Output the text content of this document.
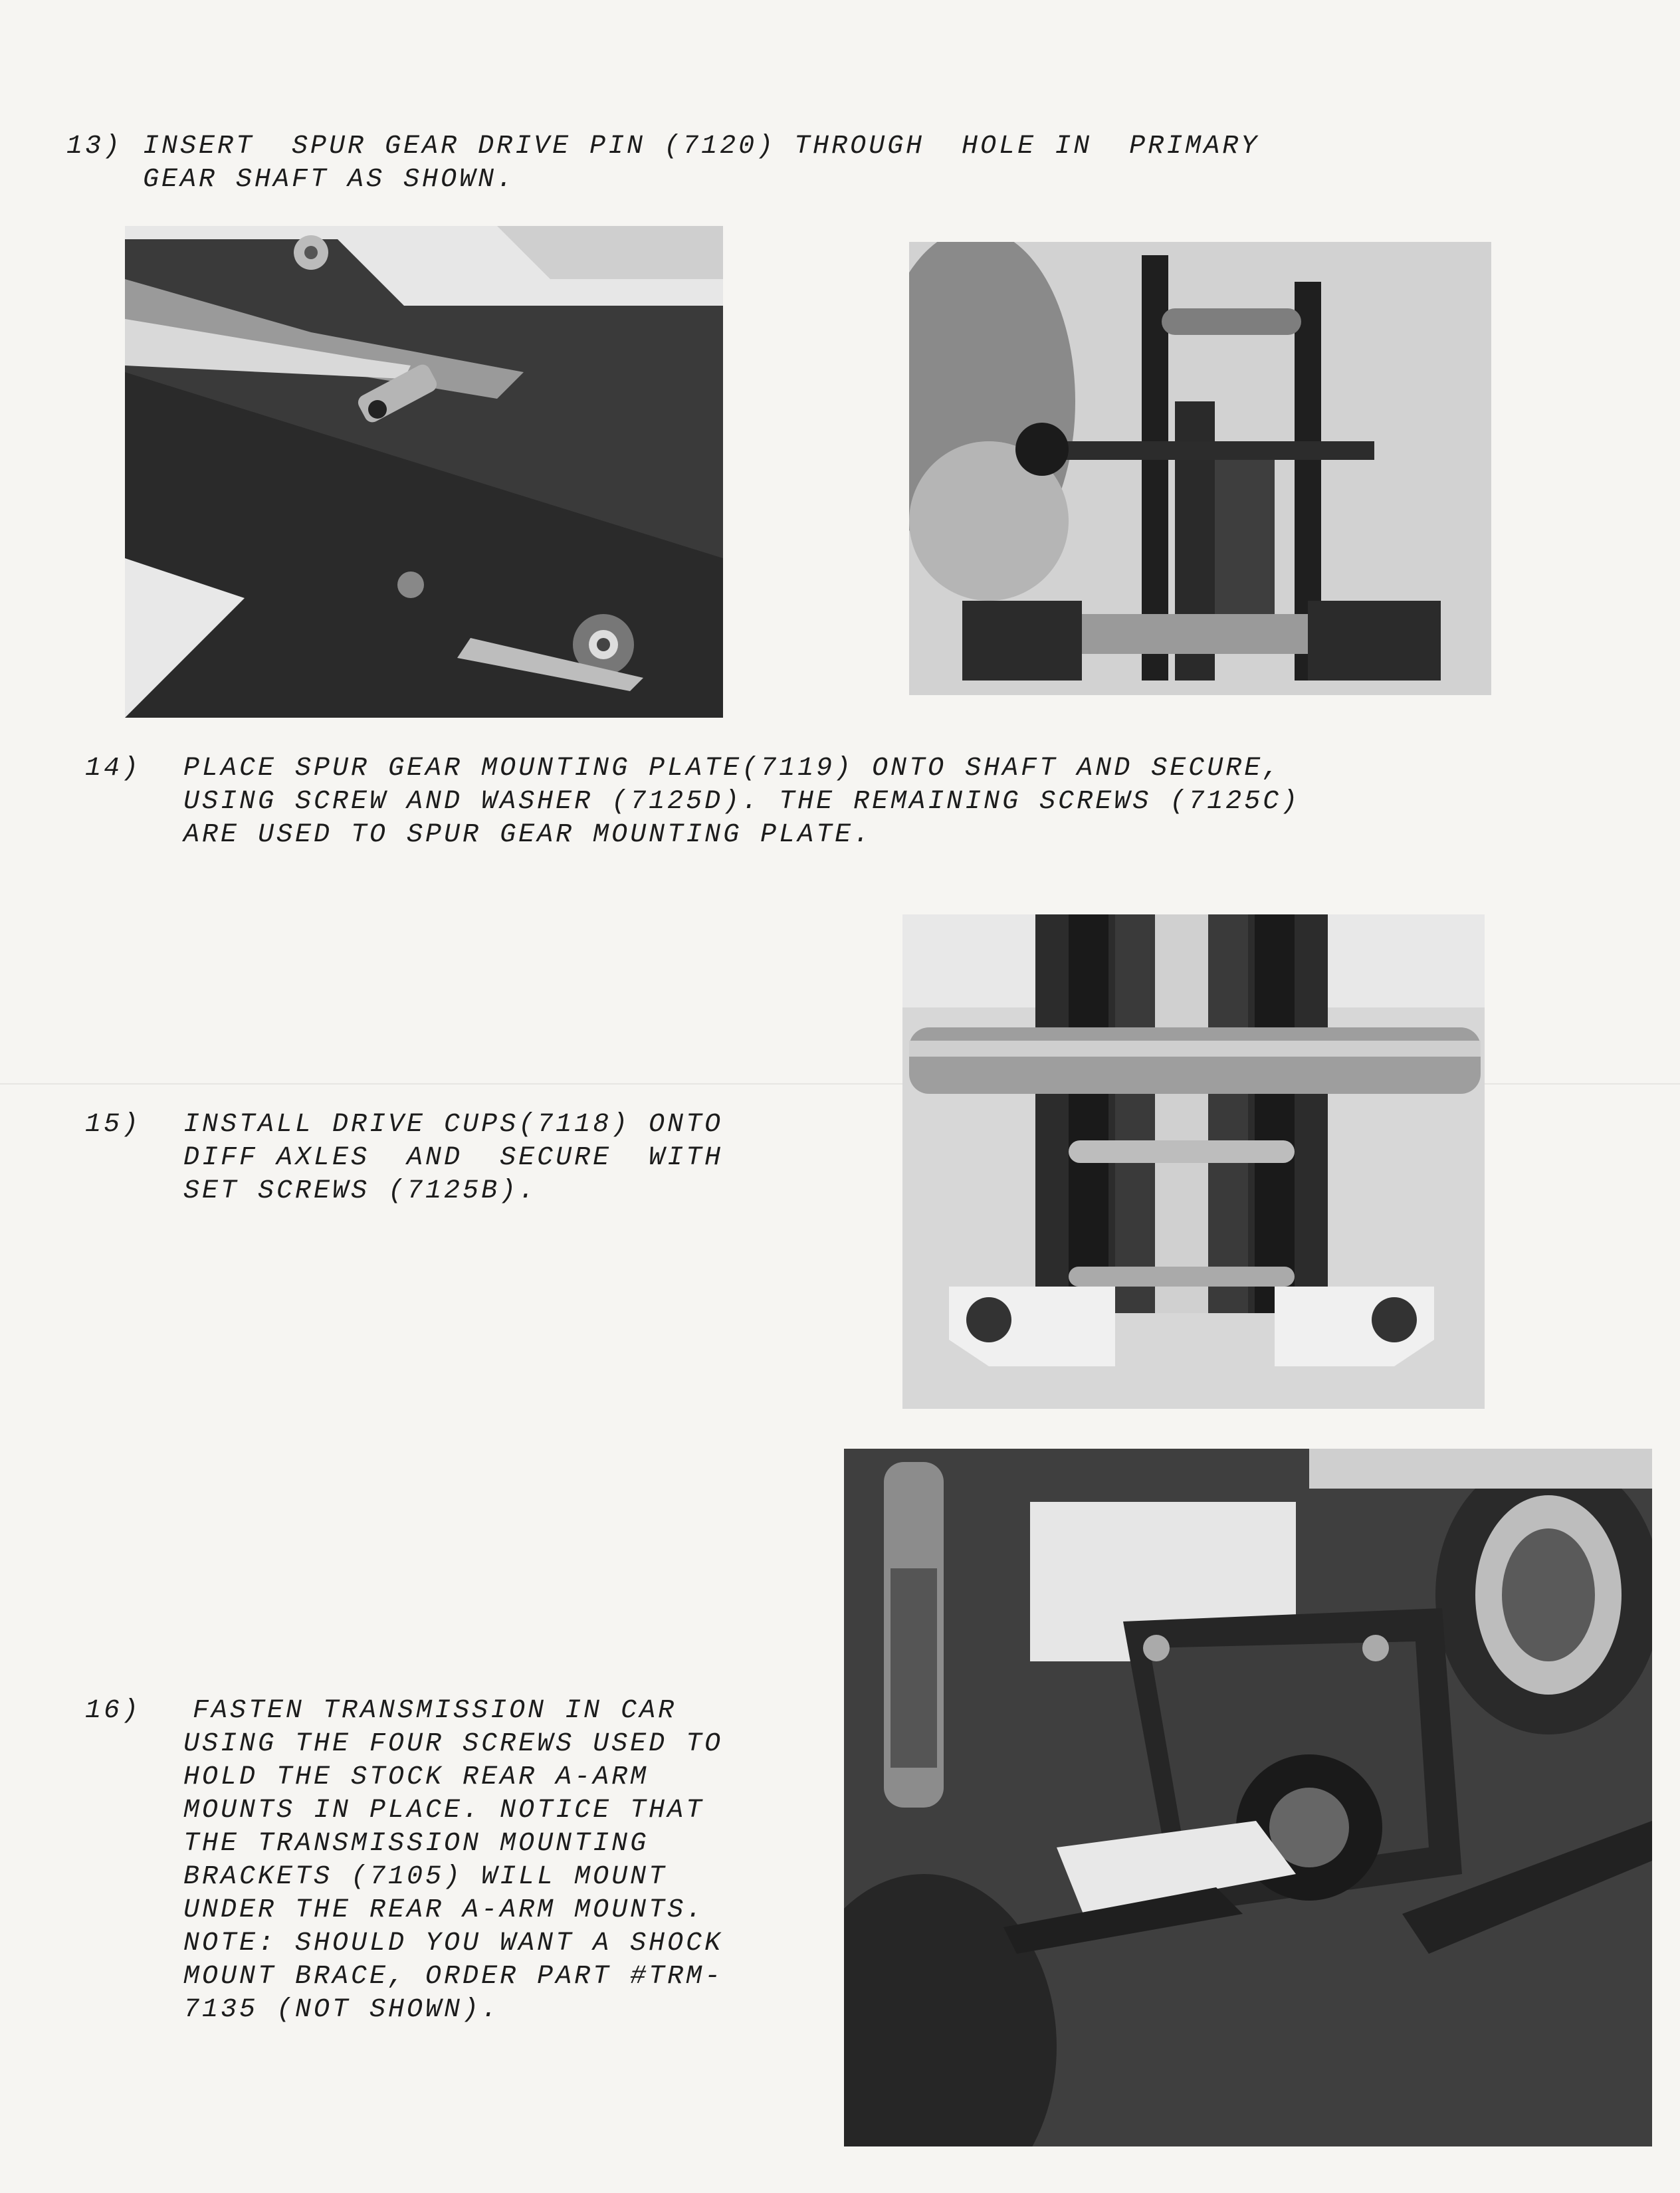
13) INSERT  SPUR GEAR DRIVE PIN (7120) THROUGH  HOLE IN  PRIMARY
GEAR SHAFT AS SHOWN.
14) PLACE SPUR GEAR MOUNTING PLATE(7119) ONTO SHAFT AND SECURE,
USING SCREW AND WASHER (7125D). THE REMAINING SCREWS (7125C)
ARE USED TO SPUR GEAR MOUNTING PLATE.
15) INSTALL DRIVE CUPS(7118) ONTO
DIFF AXLES  AND  SECURE  WITH
SET SCREWS (7125B).
16) FASTEN TRANSMISSION IN CAR
USING THE FOUR SCREWS USED TO
HOLD THE STOCK REAR A-ARM
MOUNTS IN PLACE. NOTICE THAT
THE TRANSMISSION MOUNTING
BRACKETS (7105) WILL MOUNT
UNDER THE REAR A-ARM MOUNTS.
NOTE: SHOULD YOU WANT A SHOCK
MOUNT BRACE, ORDER PART #TRM-
7135 (NOT SHOWN).
